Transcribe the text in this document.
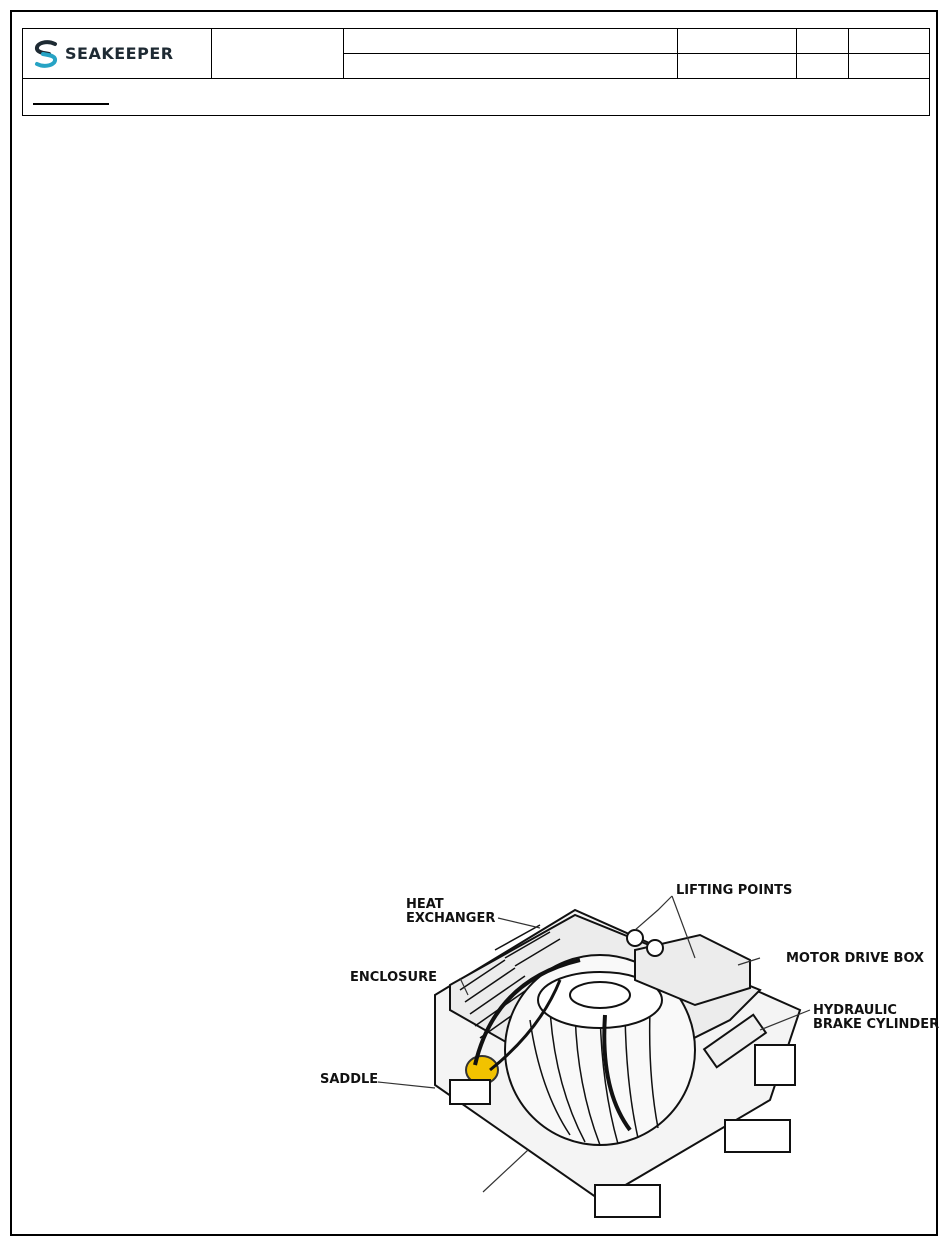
SEAKEEPER
HEAT
EXCHANGER
LIFTING POINTS
MOTOR DRIVE BOX
ENCLOSURE
HYDRAULIC
BRAKE CYLINDER
SADDLE
